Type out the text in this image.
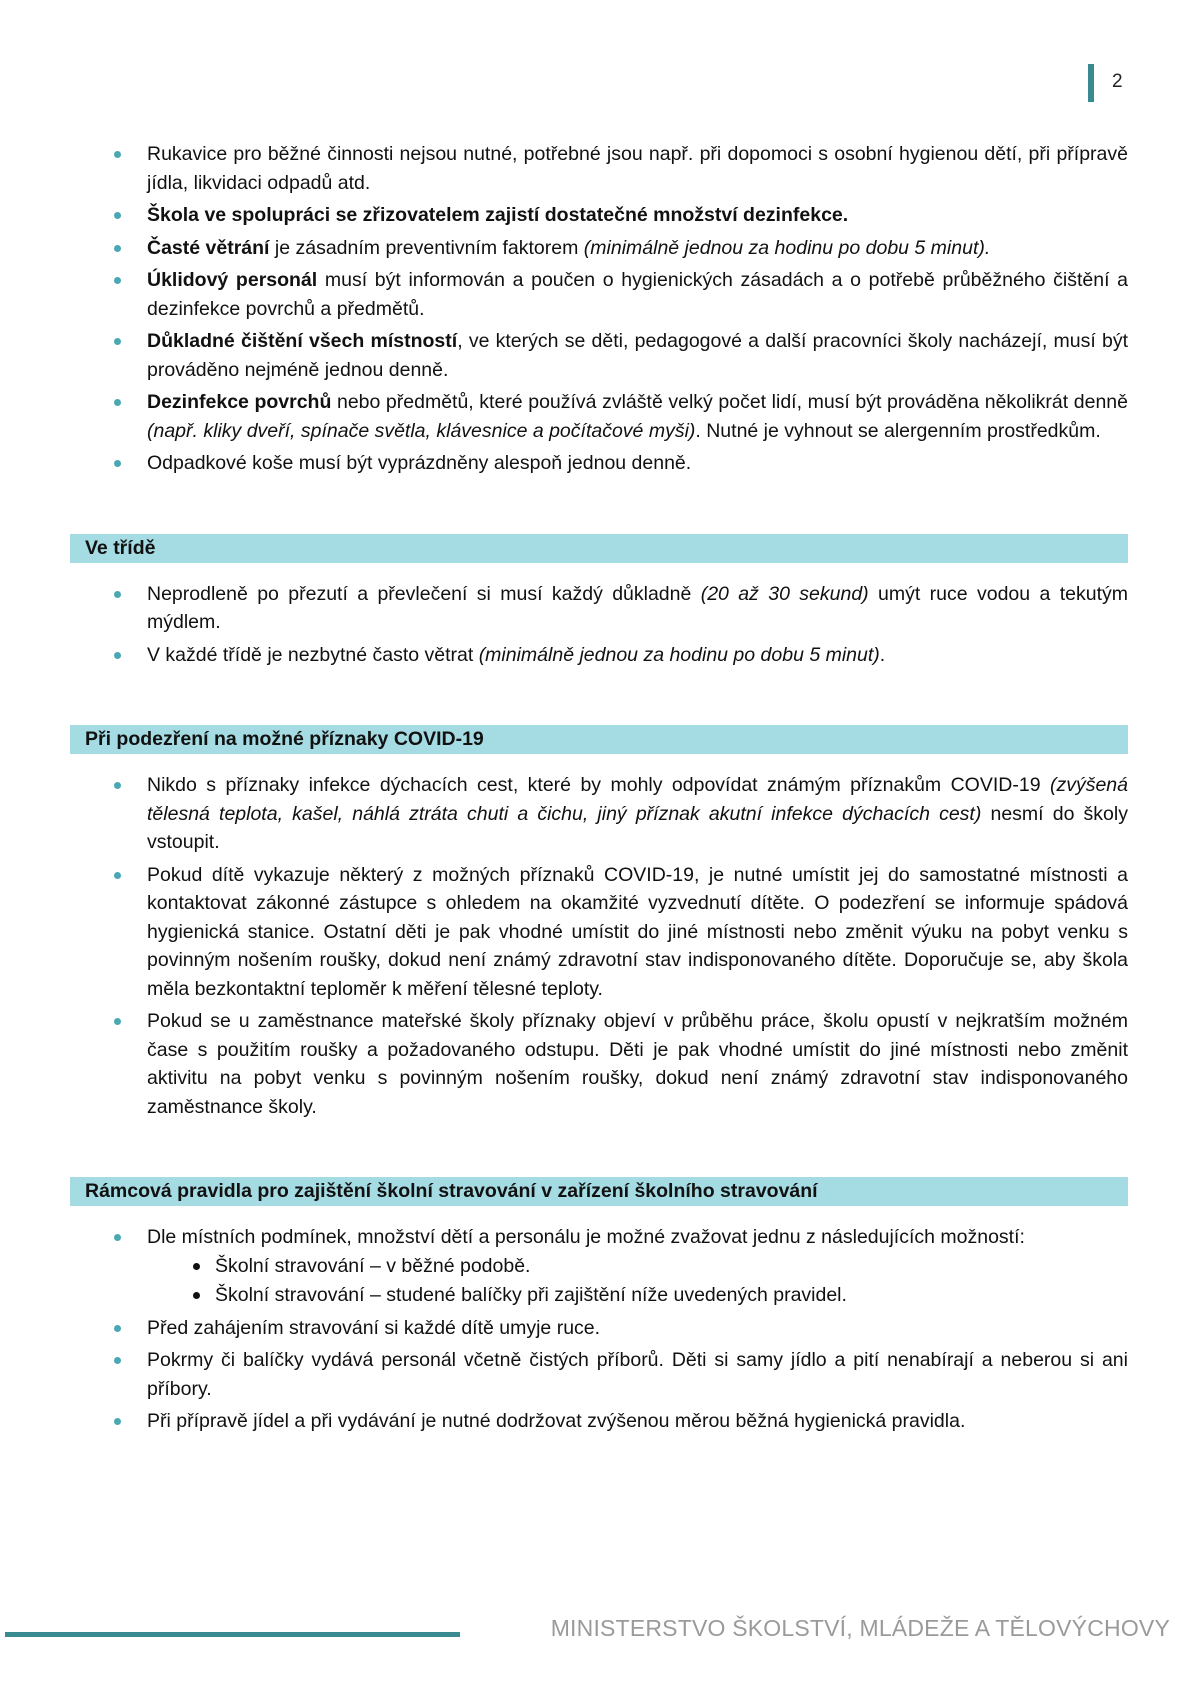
2
Rukavice pro běžné činnosti nejsou nutné, potřebné jsou např. při dopomoci s osobní hygienou dětí, při přípravě jídla, likvidaci odpadů atd.
Škola ve spolupráci se zřizovatelem zajistí dostatečné množství dezinfekce.
Časté větrání je zásadním preventivním faktorem (minimálně jednou za hodinu po dobu 5 minut).
Úklidový personál musí být informován a poučen o hygienických zásadách a o potřebě průběžného čištění a dezinfekce povrchů a předmětů.
Důkladné čištění všech místností, ve kterých se děti, pedagogové a další pracovníci školy nacházejí, musí být prováděno nejméně jednou denně.
Dezinfekce povrchů nebo předmětů, které používá zvláště velký počet lidí, musí být prováděna několikrát denně (např. kliky dveří, spínače světla, klávesnice a počítačové myši). Nutné je vyhnout se alergenním prostředkům.
Odpadkové koše musí být vyprázdněny alespoň jednou denně.
Ve třídě
Neprodleně po přezutí a převlečení si musí každý důkladně (20 až 30 sekund) umýt ruce vodou a tekutým mýdlem.
V každé třídě je nezbytné často větrat (minimálně jednou za hodinu po dobu 5 minut).
Při podezření na možné příznaky COVID-19
Nikdo s příznaky infekce dýchacích cest, které by mohly odpovídat známým příznakům COVID-19 (zvýšená tělesná teplota, kašel, náhlá ztráta chuti a čichu, jiný příznak akutní infekce dýchacích cest) nesmí do školy vstoupit.
Pokud dítě vykazuje některý z možných příznaků COVID-19, je nutné umístit jej do samostatné místnosti a kontaktovat zákonné zástupce s ohledem na okamžité vyzvednutí dítěte. O podezření se informuje spádová hygienická stanice. Ostatní děti je pak vhodné umístit do jiné místnosti nebo změnit výuku na pobyt venku s povinným nošením roušky, dokud není známý zdravotní stav indisponovaného dítěte. Doporučuje se, aby škola měla bezkontaktní teploměr k měření tělesné teploty.
Pokud se u zaměstnance mateřské školy příznaky objeví v průběhu práce, školu opustí v nejkratším možném čase s použitím roušky a požadovaného odstupu. Děti je pak vhodné umístit do jiné místnosti nebo změnit aktivitu na pobyt venku s povinným nošením roušky, dokud není známý zdravotní stav indisponovaného zaměstnance školy.
Rámcová pravidla pro zajištění školní stravování v zařízení školního stravování
Dle místních podmínek, množství dětí a personálu je možné zvažovat jednu z následujících možností:
Školní stravování – v běžné podobě.
Školní stravování – studené balíčky při zajištění níže uvedených pravidel.
Před zahájením stravování si každé dítě umyje ruce.
Pokrmy či balíčky vydává personál včetně čistých příborů. Děti si samy jídlo a pití nenabírají a neberou si ani příbory.
Při přípravě jídel a při vydávání je nutné dodržovat zvýšenou měrou běžná hygienická pravidla.
MINISTERSTVO ŠKOLSTVÍ, MLÁDEŽE A TĚLOVÝCHOVY
